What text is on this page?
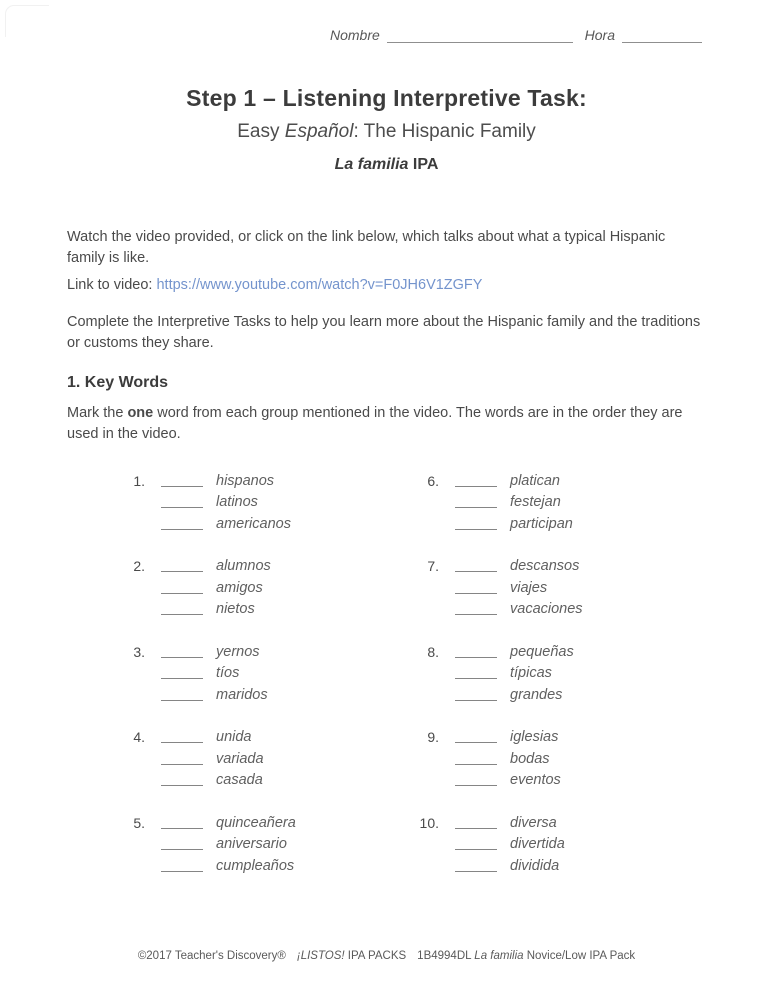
Nombre	Hora
Step 1 – Listening Interpretive Task:
Easy Español: The Hispanic Family
La familia IPA

Watch the video provided, or click on the link below, which talks about what a typical Hispanic family is like.

Link to video: https://www.youtube.com/watch?v=F0JH6V1ZGFY

Complete the Interpretive Tasks to help you learn more about the Hispanic family and the traditions or customs they share.

1. Key Words
Mark the one word from each group mentioned in the video. The words are in the order they are used in the video.
1.	hispanos
latinos
americanos
2.	alumnos
amigos
nietos
3.	yernos
tíos
maridos
4.	unida
variada
casada
5.	quinceañera
aniversario
cumpleaños
6.	platican
festejan
participan
7.	descansos
viajes
vacaciones
8.	pequeñas
típicas
grandes
9.	iglesias
bodas
eventos
10.	diversa
divertida
dividida
©2017 Teacher's Discovery® ¡LISTOS! IPA PACKS 1B4994DL La familia Novice/Low IPA Pack
